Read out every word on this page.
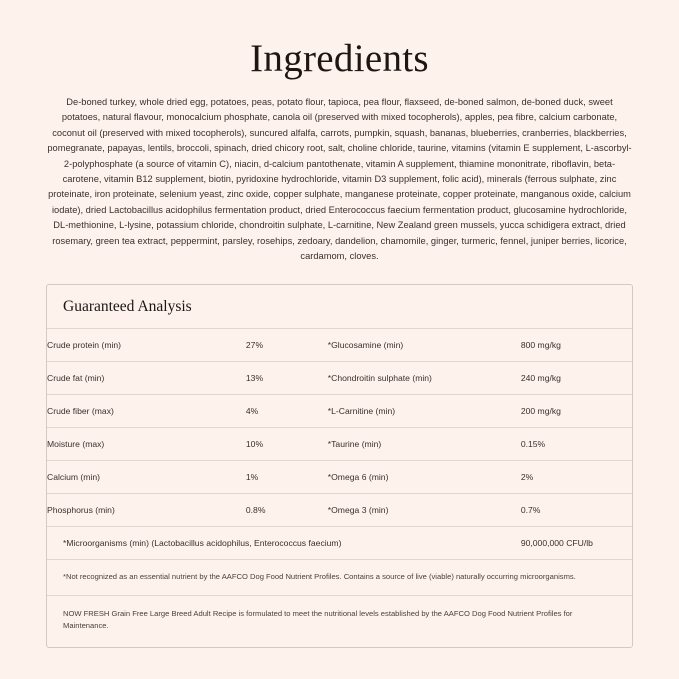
Ingredients
De-boned turkey, whole dried egg, potatoes, peas, potato flour, tapioca, pea flour, flaxseed, de-boned salmon, de-boned duck, sweet potatoes, natural flavour, monocalcium phosphate, canola oil (preserved with mixed tocopherols), apples, pea fibre, calcium carbonate, coconut oil (preserved with mixed tocopherols), suncured alfalfa, carrots, pumpkin, squash, bananas, blueberries, cranberries, blackberries, pomegranate, papayas, lentils, broccoli, spinach, dried chicory root, salt, choline chloride, taurine, vitamins (vitamin E supplement, L-ascorbyl-2-polyphosphate (a source of vitamin C), niacin, d-calcium pantothenate, vitamin A supplement, thiamine mononitrate, riboflavin, beta-carotene, vitamin B12 supplement, biotin, pyridoxine hydrochloride, vitamin D3 supplement, folic acid), minerals (ferrous sulphate, zinc proteinate, iron proteinate, selenium yeast, zinc oxide, copper sulphate, manganese proteinate, copper proteinate, manganous oxide, calcium iodate), dried Lactobacillus acidophilus fermentation product, dried Enterococcus faecium fermentation product, glucosamine hydrochloride, DL-methionine, L-lysine, potassium chloride, chondroitin sulphate, L-carnitine, New Zealand green mussels, yucca schidigera extract, dried rosemary, green tea extract, peppermint, parsley, rosehips, zedoary, dandelion, chamomile, ginger, turmeric, fennel, juniper berries, licorice, cardamom, cloves.
Guaranteed Analysis
Crude protein (min)	27%	*Glucosamine (min)	800 mg/kg
Crude fat (min)	13%	*Chondroitin sulphate (min)	240 mg/kg
Crude fiber (max)	4%	*L-Carnitine (min)	200 mg/kg
Moisture (max)	10%	*Taurine (min)	0.15%
Calcium (min)	1%	*Omega 6 (min)	2%
Phosphorus (min)	0.8%	*Omega 3 (min)	0.7%
*Microorganisms (min) (Lactobacillus acidophilus, Enterococcus faecium)			90,000,000 CFU/lb
*Not recognized as an essential nutrient by the AAFCO Dog Food Nutrient Profiles. Contains a source of live (viable) naturally occurring microorganisms.
NOW FRESH Grain Free Large Breed Adult Recipe is formulated to meet the nutritional levels established by the AAFCO Dog Food Nutrient Profiles for Maintenance.
